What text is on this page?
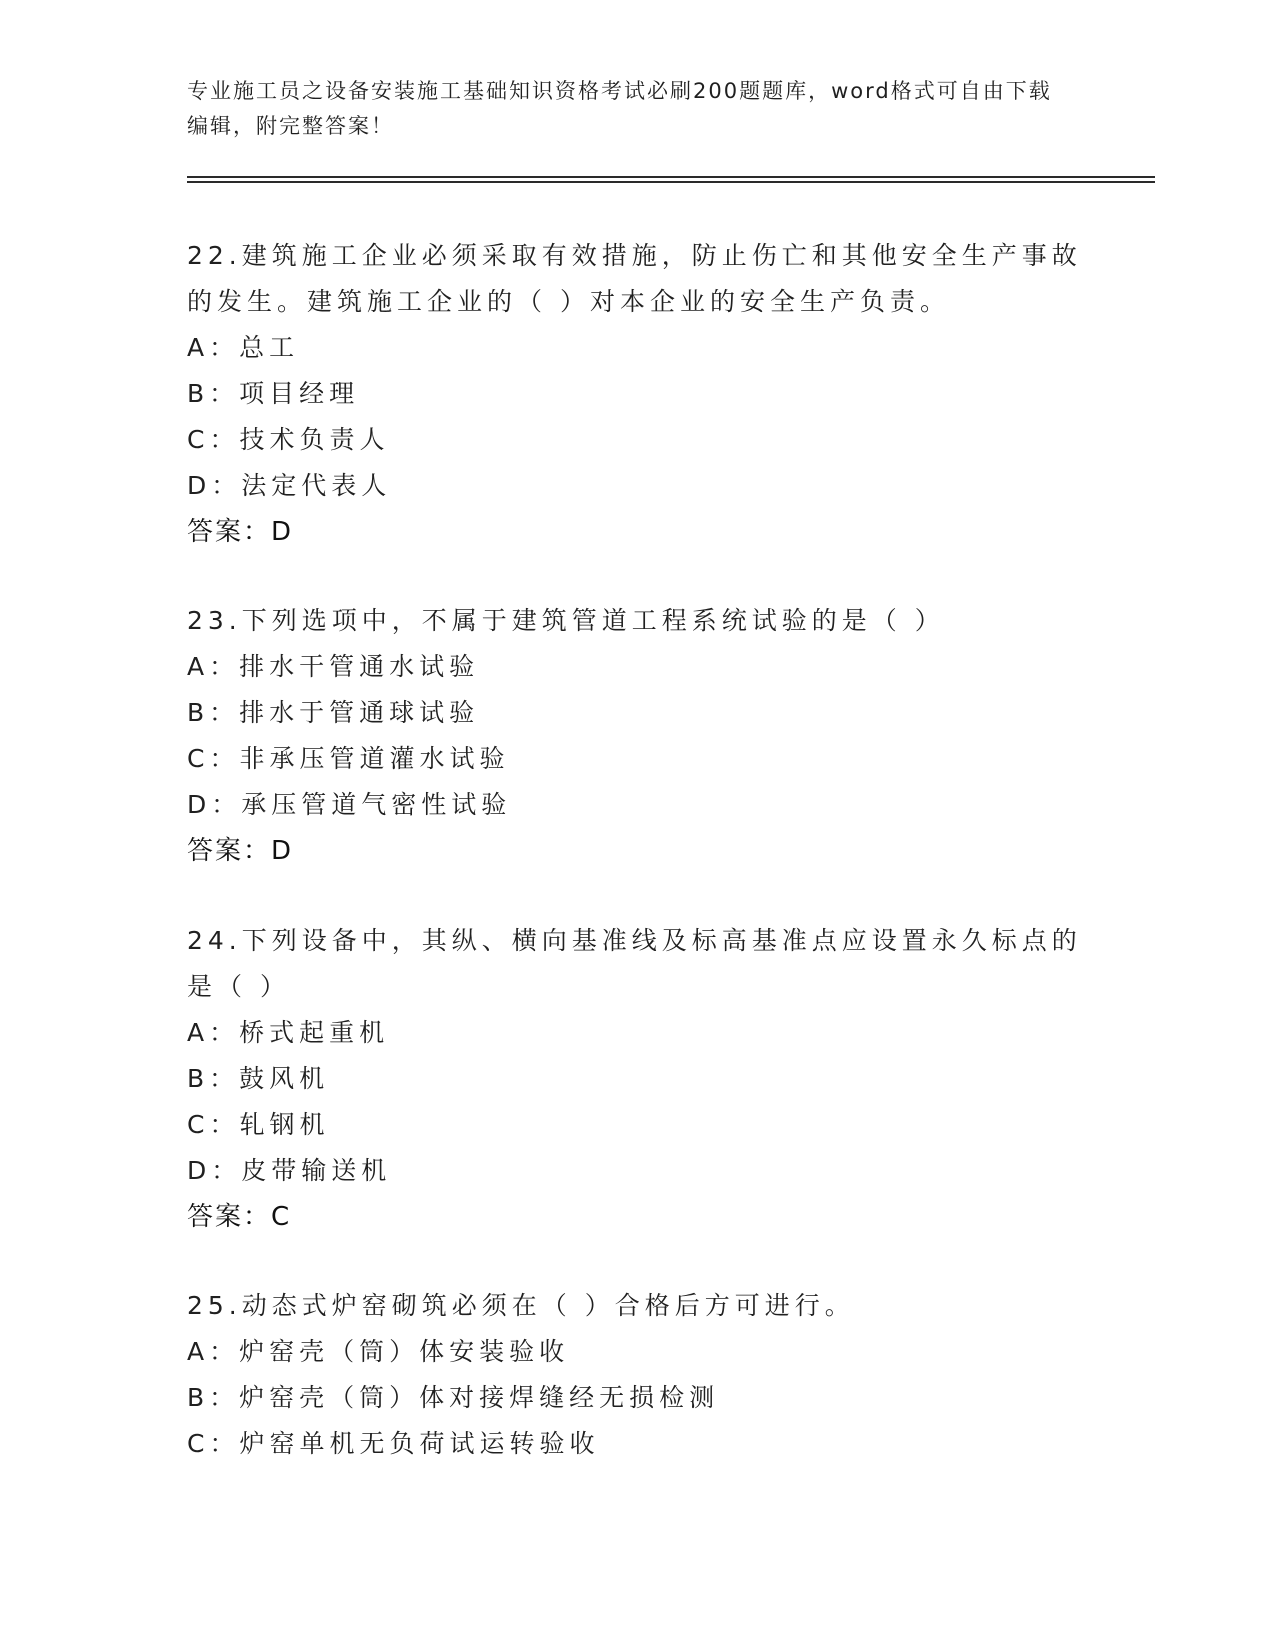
专业施工员之设备安装施工基础知识资格考试必刷200题题库，word格式可自由下载编辑，附完整答案！
22.建筑施工企业必须采取有效措施，防止伤亡和其他安全生产事故的发生。建筑施工企业的（ ）对本企业的安全生产负责。
A：总工
B：项目经理
C：技术负责人
D：法定代表人
答案：D
23.下列选项中，不属于建筑管道工程系统试验的是（ ）
A：排水干管通水试验
B：排水于管通球试验
C：非承压管道灌水试验
D：承压管道气密性试验
答案：D
24.下列设备中，其纵、横向基准线及标高基准点应设置永久标点的是（ ）
A：桥式起重机
B：鼓风机
C：轧钢机
D：皮带输送机
答案：C
25.动态式炉窑砌筑必须在（ ）合格后方可进行。
A：炉窑壳（筒）体安装验收
B：炉窑壳（筒）体对接焊缝经无损检测
C：炉窑单机无负荷试运转验收
